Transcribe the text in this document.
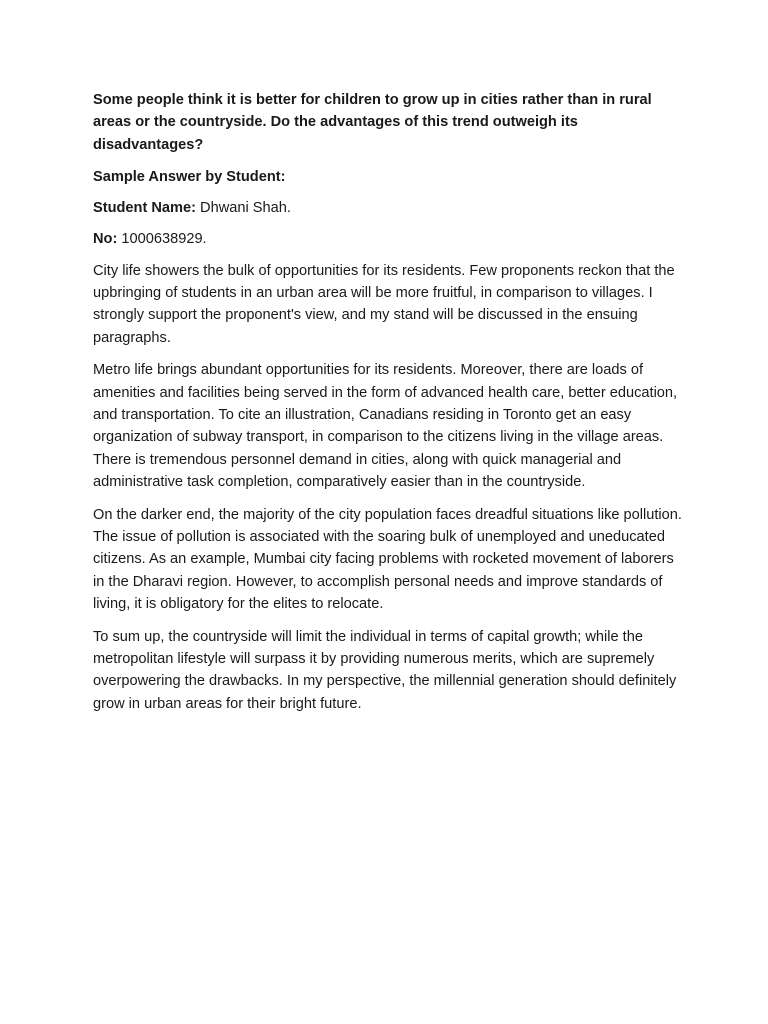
Some people think it is better for children to grow up in cities rather than in rural areas or the countryside. Do the advantages of this trend outweigh its disadvantages?

Sample Answer by Student:

Student Name: Dhwani Shah.

No: 1000638929.

City life showers the bulk of opportunities for its residents. Few proponents reckon that the upbringing of students in an urban area will be more fruitful, in comparison to villages. I strongly support the proponent's view, and my stand will be discussed in the ensuing paragraphs.

Metro life brings abundant opportunities for its residents. Moreover, there are loads of amenities and facilities being served in the form of advanced health care, better education, and transportation. To cite an illustration, Canadians residing in Toronto get an easy organization of subway transport, in comparison to the citizens living in the village areas. There is tremendous personnel demand in cities, along with quick managerial and administrative task completion, comparatively easier than in the countryside.

On the darker end, the majority of the city population faces dreadful situations like pollution. The issue of pollution is associated with the soaring bulk of unemployed and uneducated citizens. As an example, Mumbai city facing problems with rocketed movement of laborers in the Dharavi region. However, to accomplish personal needs and improve standards of living, it is obligatory for the elites to relocate.

To sum up, the countryside will limit the individual in terms of capital growth; while the metropolitan lifestyle will surpass it by providing numerous merits, which are supremely overpowering the drawbacks. In my perspective, the millennial generation should definitely grow in urban areas for their bright future.
